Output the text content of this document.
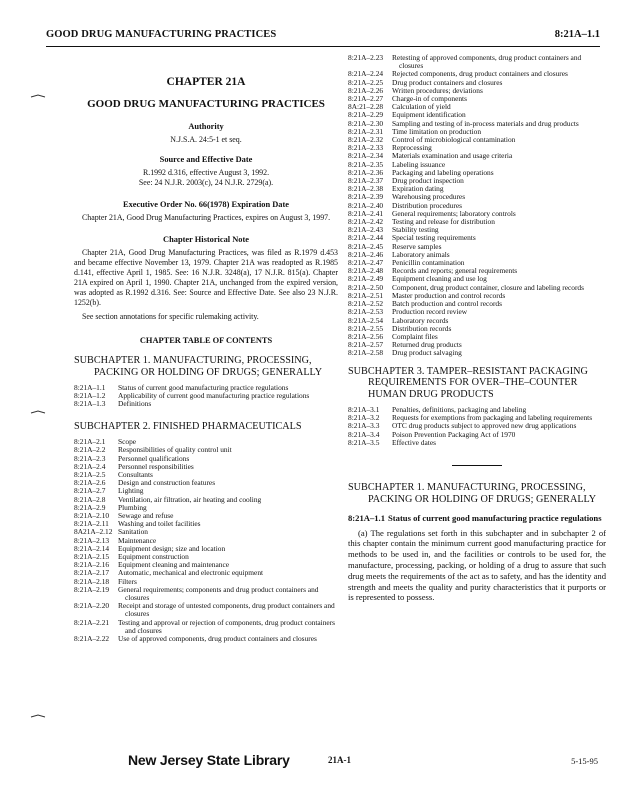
GOOD DRUG MANUFACTURING PRACTICES	8:21A–1.1
CHAPTER 21A
GOOD DRUG MANUFACTURING PRACTICES
Authority
N.J.S.A. 24:5-1 et seq.
Source and Effective Date
R.1992 d.316, effective August 3, 1992.
See: 24 N.J.R. 2003(c), 24 N.J.R. 2729(a).
Executive Order No. 66(1978) Expiration Date
Chapter 21A, Good Drug Manufacturing Practices, expires on August 3, 1997.
Chapter Historical Note
Chapter 21A, Good Drug Manufacturing Practices, was filed as R.1979 d.453 and became effective November 13, 1979. Chapter 21A was readopted as R.1985 d.141, effective April 1, 1985. See: 16 N.J.R. 3248(a), 17 N.J.R. 815(a). Chapter 21A expired on April 1, 1990. Chapter 21A, unchanged from the expired version, was adopted as R.1992 d.316. See: Source and Effective Date. See also 23 N.J.R. 1252(b).
See section annotations for specific rulemaking activity.
CHAPTER TABLE OF CONTENTS
SUBCHAPTER 1. MANUFACTURING, PROCESSING, PACKING OR HOLDING OF DRUGS; GENERALLY
8:21A–1.1	Status of current good manufacturing practice regulations
8:21A–1.2	Applicability of current good manufacturing practice regulations
8:21A–1.3	Definitions
SUBCHAPTER 2. FINISHED PHARMACEUTICALS
8:21A–2.1	Scope
8:21A–2.2	Responsibilities of quality control unit
8:21A–2.3	Personnel qualifications
8:21A–2.4	Personnel responsibilities
8:21A–2.5	Consultants
8:21A–2.6	Design and construction features
8:21A–2.7	Lighting
8:21A–2.8	Ventilation, air filtration, air heating and cooling
8:21A–2.9	Plumbing
8:21A–2.10	Sewage and refuse
8:21A–2.11	Washing and toilet facilities
8A21A–2.12 Sanitation
8:21A–2.13	Maintenance
8:21A–2.14	Equipment design; size and location
8:21A–2.15	Equipment construction
8:21A–2.16	Equipment cleaning and maintenance
8:21A–2.17	Automatic, mechanical and electronic equipment
8:21A–2.18	Filters
8:21A–2.19	General requirements; components and drug product containers and closures
8:21A–2.20	Receipt and storage of untested components, drug product containers and closures
8:21A–2.21	Testing and approval or rejection of components, drug product containers and closures
8:21A–2.22	Use of approved components, drug product containers and closures
8:21A–2.23	Retesting of approved components, drug product containers and closures
8:21A–2.24	Rejected components, drug product containers and closures
8:21A–2.25	Drug product containers and closures
8:21A–2.26	Written procedures; deviations
8:21A–2.27	Charge-in of components
8A:21–2.28	Calculation of yield
8:21A–2.29	Equipment identification
8:21A–2.30	Sampling and testing of in-process materials and drug products
8:21A–2.31	Time limitation on production
8:21A–2.32	Control of microbiological contamination
8:21A–2.33	Reprocessing
8:21A–2.34	Materials examination and usage criteria
8:21A–2.35	Labeling issuance
8:21A–2.36	Packaging and labeling operations
8:21A–2.37	Drug product inspection
8:21A–2.38	Expiration dating
8:21A–2.39	Warehousing procedures
8:21A–2.40	Distribution procedures
8:21A–2.41	General requirements; laboratory controls
8:21A–2.42	Testing and release for distribution
8:21A–2.43	Stability testing
8:21A–2.44	Special testing requirements
8:21A–2.45	Reserve samples
8:21A–2.46	Laboratory animals
8:21A–2.47	Penicillin contamination
8:21A–2.48	Records and reports; general requirements
8:21A–2.49	Equipment cleaning and use log
8:21A–2.50	Component, drug product container, closure and labeling records
8:21A–2.51	Master production and control records
8:21A–2.52	Batch production and control records
8:21A–2.53	Production record review
8:21A–2.54	Laboratory records
8:21A–2.55	Distribution records
8:21A–2.56	Complaint files
8:21A–2.57	Returned drug products
8:21A–2.58	Drug product salvaging
SUBCHAPTER 3. TAMPER–RESISTANT PACKAGING REQUIREMENTS FOR OVER–THE–COUNTER HUMAN DRUG PRODUCTS
8:21A–3.1	Penalties, definitions, packaging and labeling
8:21A–3.2	Requests for exemptions from packaging and labeling requirements
8:21A–3.3	OTC drug products subject to approved new drug applications
8:21A–3.4	Poison Prevention Packaging Act of 1970
8:21A–3.5	Effective dates
SUBCHAPTER 1. MANUFACTURING, PROCESSING, PACKING OR HOLDING OF DRUGS; GENERALLY
8:21A–1.1 Status of current good manufacturing practice regulations
(a) The regulations set forth in this subchapter and in subchapter 2 of this chapter contain the minimum current good manufacturing practice for methods to be used in, and the facilities or controls to be used for, the manufacture, processing, packing, or holding of a drug to assure that such drug meets the requirements of the act as to safety, and has the identity and strength and meets the quality and purity characteristics that it purports or is represented to possess.
New Jersey State Library	21A-1	5-15-95
